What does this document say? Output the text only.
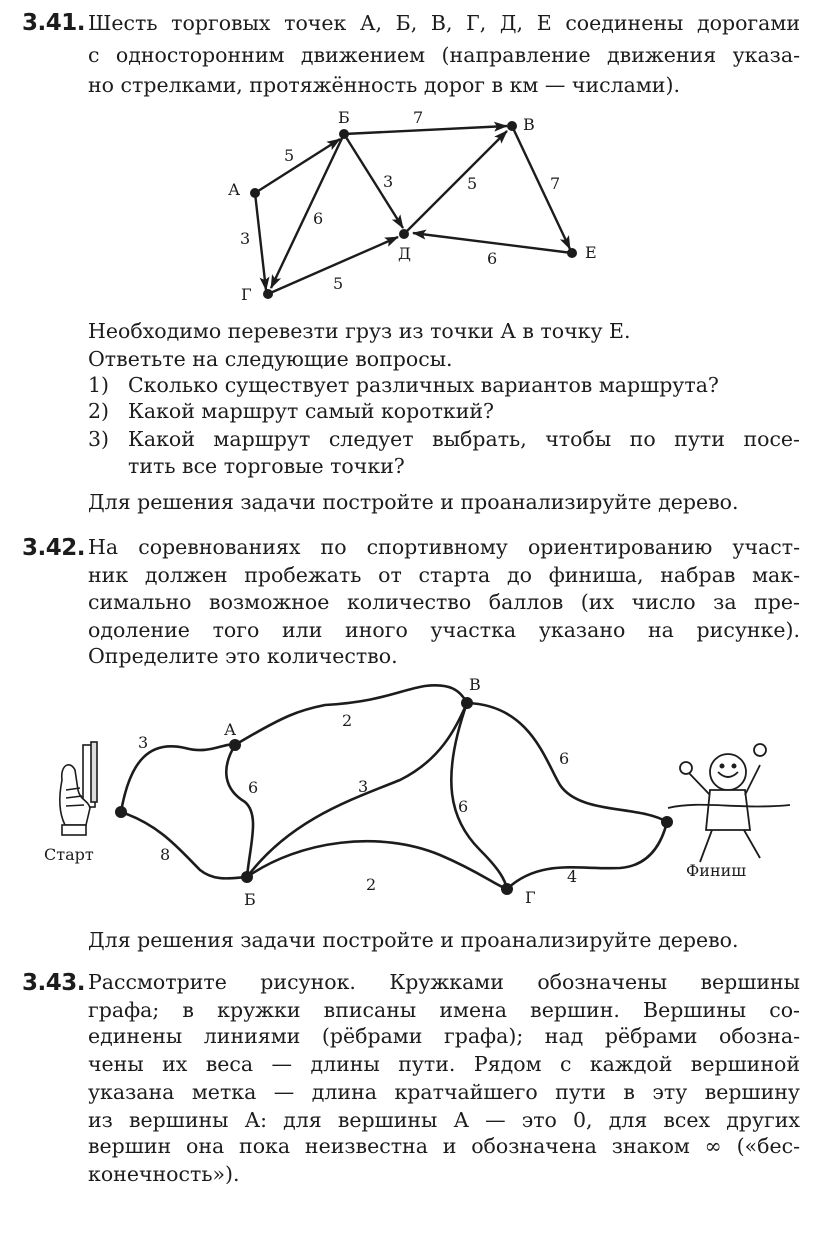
3.41. Шесть торговых точек А, Б, В, Г, Д, Е соединены дорогами
с односторонним движением (направление движения указа-
но стрелками, протяжённость дорог в км — числами).
А
Б	В
Г
Д	Е
5
7
3
6
3
5	7
6
5
Необходимо перевезти груз из точки А в точку Е.
Ответьте на следующие вопросы.
1) Сколько существует различных вариантов маршрута?
2) Какой маршрут самый короткий?
3) Какой маршрут следует выбрать, чтобы по пути посе-
тить все торговые точки?
Для решения задачи постройте и проанализируйте дерево.
3.42. На соревнованиях по спортивному ориентированию участ-
ник должен пробежать от старта до финиша, набрав мак-
симально возможное количество баллов (их число за пре-
одоление того или иного участка указано на рисунке).
Определите это количество.
Старт
Финиш
А
В
Б	Г
3
8
2
6	3
6
2
6
4
Для решения задачи постройте и проанализируйте дерево.
3.43. Рассмотрите рисунок. Кружками обозначены вершины
графа; в кружки вписаны имена вершин. Вершины со-
единены линиями (рёбрами графа); над рёбрами обозна-
чены их веса — длины пути. Рядом с каждой вершиной
указана метка — длина кратчайшего пути в эту вершину
из вершины А: для вершины А — это 0, для всех других
вершин она пока неизвестна и обозначена знаком ∞ («бес-
конечность»).
